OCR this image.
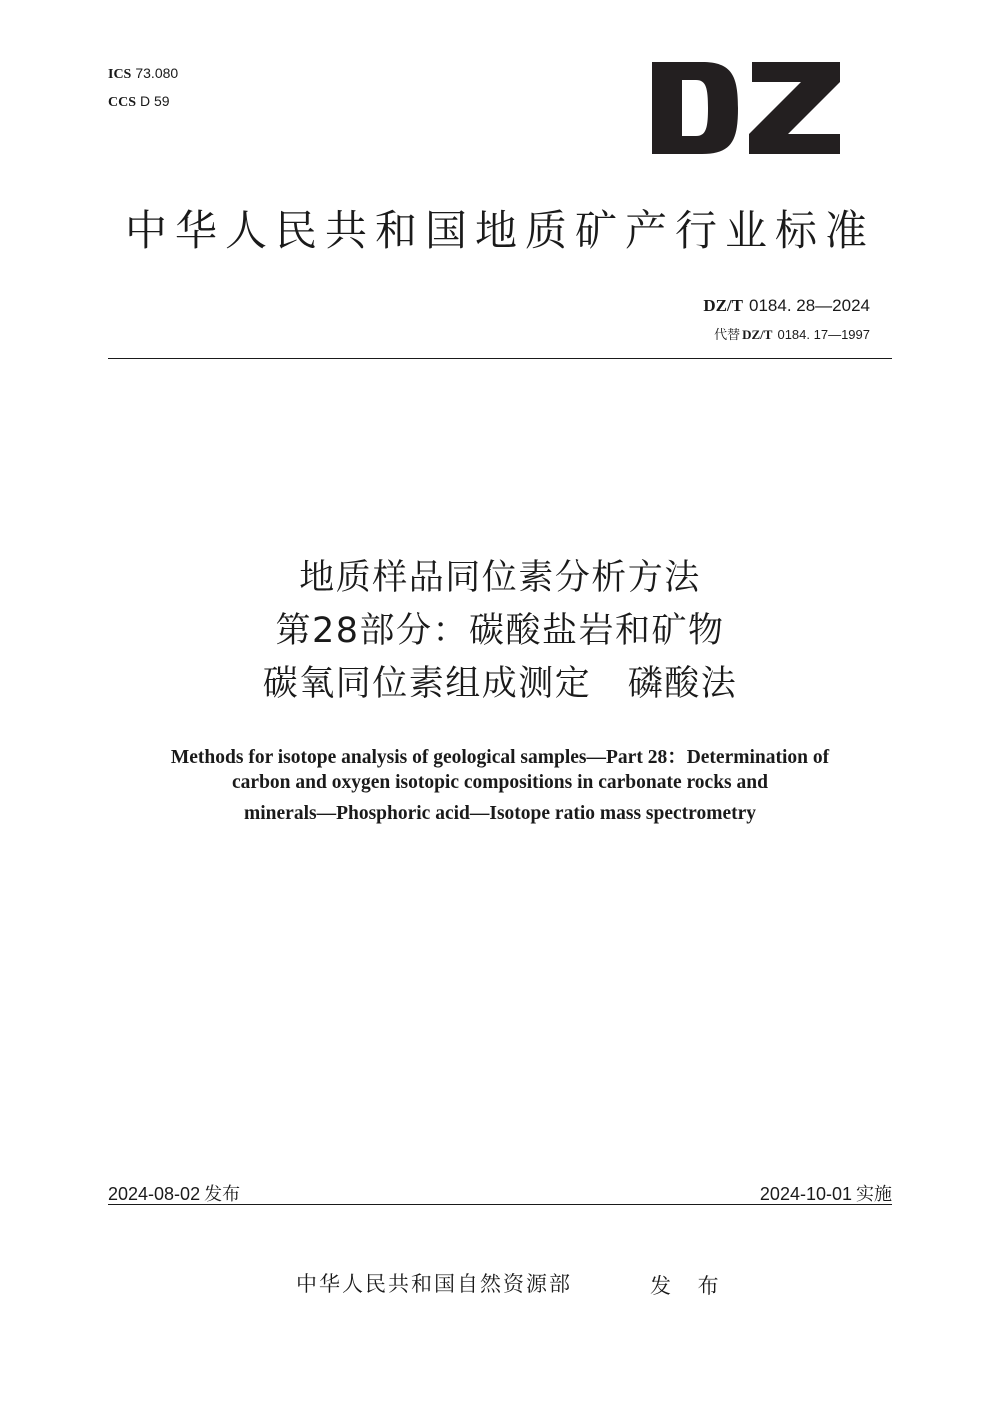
ICS 73.080
CCS D 59
中华人民共和国地质矿产行业标准
DZ/T 0184. 28—2024
代替 DZ/T 0184. 17—1997
地质样品同位素分析方法
第28部分：碳酸盐岩和矿物
碳氧同位素组成测定　磷酸法
Methods for isotope analysis of geological samples—Part 28：Determination of
carbon and oxygen isotopic compositions in carbonate rocks and
minerals—Phosphoric acid—Isotope ratio mass spectrometry
2024-08-02 发布	2024-10-01 实施
中华人民共和国自然资源部	发 布
